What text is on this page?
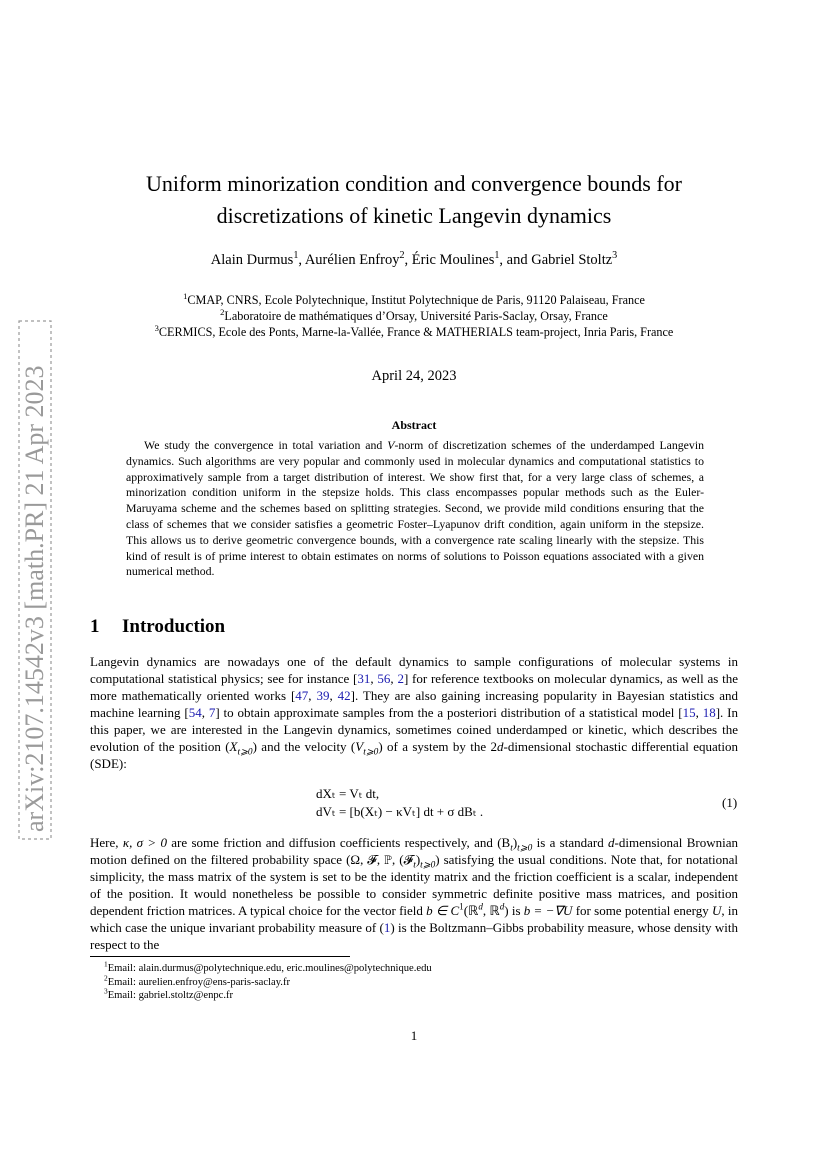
arXiv:2107.14542v3 [math.PR] 21 Apr 2023
Uniform minorization condition and convergence bounds for
discretizations of kinetic Langevin dynamics
Alain Durmus$^1$, Aurélien Enfroy$^2$, Éric Moulines$^1$, and Gabriel Stoltz$^3$
$^1$CMAP, CNRS, Ecole Polytechnique, Institut Polytechnique de Paris, 91120 Palaiseau, France
$^2$Laboratoire de mathématiques d’Orsay, Université Paris-Saclay, Orsay, France
$^3$CERMICS, Ecole des Ponts, Marne-la-Vallée, France & MATHERIALS team-project, Inria Paris, France
April 24, 2023
Abstract

We study the convergence in total variation and V-norm of discretization schemes of the underdamped Langevin dynamics. Such algorithms are very popular and commonly used in molecular dynamics and computational statistics to approximatively sample from a target distribution of interest. We show first that, for a very large class of schemes, a minorization condition uniform in the stepsize holds. This class encompasses popular methods such as the Euler-Maruyama scheme and the schemes based on splitting strategies. Second, we provide mild conditions ensuring that the class of schemes that we consider satisfies a geometric Foster–Lyapunov drift condition, again uniform in the stepsize. This allows us to derive geometric convergence bounds, with a convergence rate scaling linearly with the stepsize. This kind of result is of prime interest to obtain estimates on norms of solutions to Poisson equations associated with a given numerical method.

1 Introduction

Langevin dynamics are nowadays one of the default dynamics to sample configurations of molecular systems in computational statistical physics; see for instance [31, 56, 2] for reference textbooks on molecular dynamics, as well as the more mathematically oriented works [47, 39, 42]. They are also gaining increasing popularity in Bayesian statistics and machine learning [54, 7] to obtain approximate samples from the a posteriori distribution of a statistical model [15, 18]. In this paper, we are interested in the Langevin dynamics, sometimes coined underdamped or kinetic, which describes the evolution of the position $(X_{t⩾0})$ and the velocity $(V_{t⩾0})$ of a system by the 2d-dimensional stochastic differential equation (SDE):

dXₜ = Vₜ dt,
dVₜ = [b(Xₜ) − κVₜ] dt + σ dBₜ .
(1)

Here, κ, σ > 0 are some friction and diffusion coefficients respectively, and $(B_t)_{t⩾0}$ is a standard d-dimensional Brownian motion defined on the filtered probability space (Ω, 𝓕, ℙ, $(𝓕_t)_{t⩾0}$) satisfying the usual conditions. Note that, for notational simplicity, the mass matrix of the system is set to be the identity matrix and the friction coefficient is a scalar, independent of the position. It would nonetheless be possible to consider symmetric definite positive mass matrices, and position dependent friction matrices. A typical choice for the vector field b ∈ $C^1(ℝ^d$, ℝ$^d$) is b = −∇U for some potential energy U, in which case the unique invariant probability measure of (1) is the Boltzmann–Gibbs probability measure, whose density with respect to the

$^1$Email: alain.durmus@polytechnique.edu, eric.moulines@polytechnique.edu
$^2$Email: aurelien.enfroy@ens-paris-saclay.fr
$^3$Email: gabriel.stoltz@enpc.fr
1
